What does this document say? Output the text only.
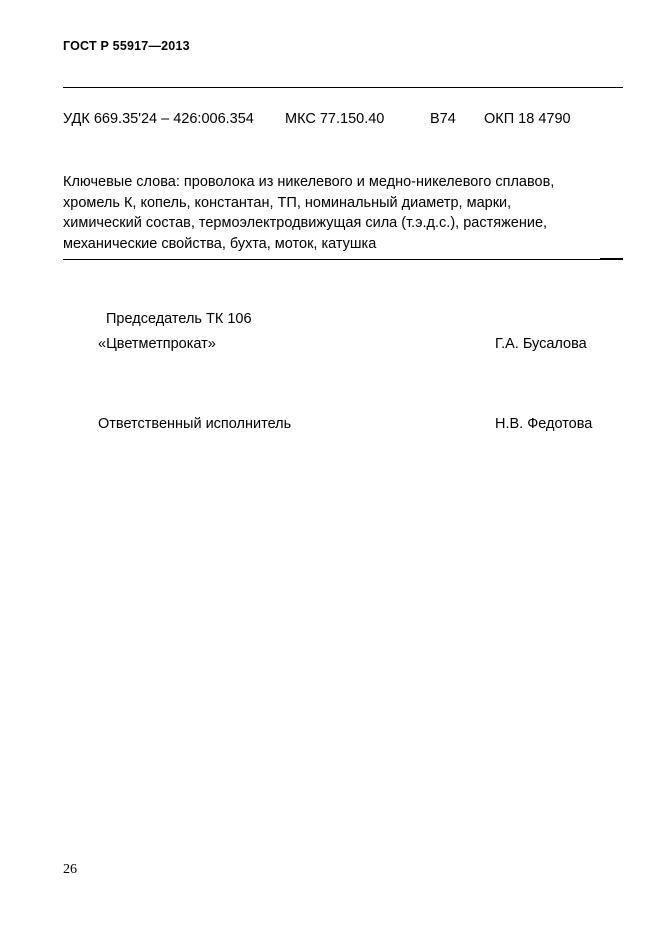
ГОСТ Р 55917—2013
УДК 669.35'24 – 426:006.354 МКС 77.150.40	В74 ОКП 18 4790
Ключевые слова: проволока из никелевого и медно-никелевого сплавов,
хромель К, копель, константан, ТП, номинальный диаметр, марки,
химический состав, термоэлектродвижущая сила (т.э.д.с.), растяжение,
механические свойства, бухта, моток, катушка
Председатель ТК 106
«Цветметпрокат»	Г.А. Бусалова
Ответственный исполнитель	Н.В. Федотова
26
